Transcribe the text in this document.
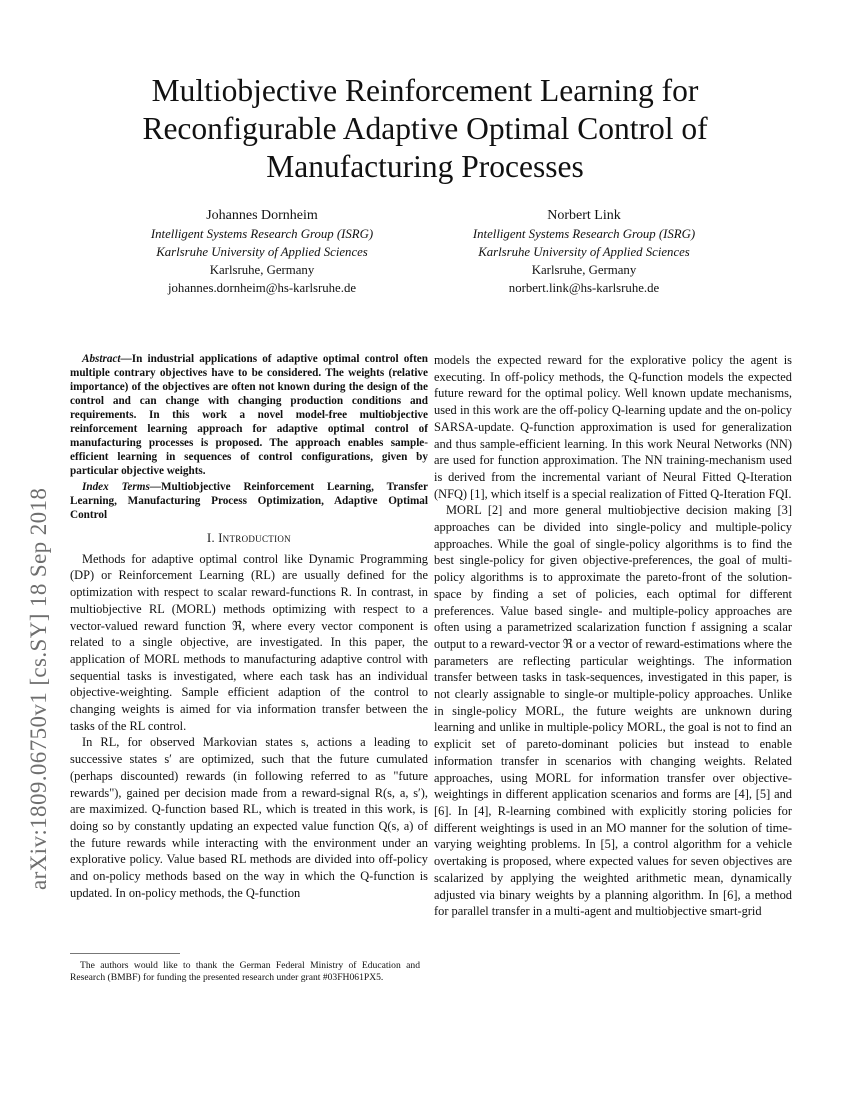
arXiv:1809.06750v1 [cs.SY] 18 Sep 2018
Multiobjective Reinforcement Learning for
Reconfigurable Adaptive Optimal Control of
Manufacturing Processes
Johannes Dornheim
Intelligent Systems Research Group (ISRG)
Karlsruhe University of Applied Sciences
Karlsruhe, Germany
johannes.dornheim@hs-karlsruhe.de
Norbert Link
Intelligent Systems Research Group (ISRG)
Karlsruhe University of Applied Sciences
Karlsruhe, Germany
norbert.link@hs-karlsruhe.de

Abstract—In industrial applications of adaptive optimal control often multiple contrary objectives have to be considered. The weights (relative importance) of the objectives are often not known during the design of the control and can change with changing production conditions and requirements. In this work a novel model-free multiobjective reinforcement learning approach for adaptive optimal control of manufacturing processes is proposed. The approach enables sample-efficient learning in sequences of control configurations, given by particular objective weights.

Index Terms—Multiobjective Reinforcement Learning, Transfer Learning, Manufacturing Process Optimization, Adaptive Optimal Control

I. Introduction

Methods for adaptive optimal control like Dynamic Programming (DP) or Reinforcement Learning (RL) are usually defined for the optimization with respect to scalar reward-functions R. In contrast, in multiobjective RL (MORL) methods optimizing with respect to a vector-valued reward function ℜ, where every vector component is related to a single objective, are investigated. In this paper, the application of MORL methods to manufacturing adaptive control with sequential tasks is investigated, where each task has an individual objective-weighting. Sample efficient adaption of the control to changing weights is aimed for via information transfer between the tasks of the RL control.

In RL, for observed Markovian states s, actions a leading to successive states s′ are optimized, such that the future cumulated (perhaps discounted) rewards (in following referred to as "future rewards"), gained per decision made from a reward-signal R(s, a, s′), are maximized. Q-function based RL, which is treated in this work, is doing so by constantly updating an expected value function Q(s, a) of the future rewards while interacting with the environment under an explorative policy. Value based RL methods are divided into off-policy and on-policy methods based on the way in which the Q-function is updated. In on-policy methods, the Q-function

The authors would like to thank the German Federal Ministry of Education and Research (BMBF) for funding the presented research under grant #03FH061PX5.

models the expected reward for the explorative policy the agent is executing. In off-policy methods, the Q-function models the expected future reward for the optimal policy. Well known update mechanisms, used in this work are the off-policy Q-learning update and the on-policy SARSA-update. Q-function approximation is used for generalization and thus sample-efficient learning. In this work Neural Networks (NN) are used for function approximation. The NN training-mechanism used is derived from the incremental variant of Neural Fitted Q-Iteration (NFQ) [1], which itself is a special realization of Fitted Q-Iteration FQI.

MORL [2] and more general multiobjective decision making [3] approaches can be divided into single-policy and multiple-policy approaches. While the goal of single-policy algorithms is to find the best single-policy for given objective-preferences, the goal of multi-policy algorithms is to approximate the pareto-front of the solution-space by finding a set of policies, each optimal for different preferences. Value based single- and multiple-policy approaches are often using a parametrized scalarization function f assigning a scalar output to a reward-vector ℜ or a vector of reward-estimations where the parameters are reflecting particular weightings. The information transfer between tasks in task-sequences, investigated in this paper, is not clearly assignable to single-or multiple-policy approaches. Unlike in single-policy MORL, the future weights are unknown during learning and unlike in multiple-policy MORL, the goal is not to find an explicit set of pareto-dominant policies but instead to enable information transfer in scenarios with changing weights. Related approaches, using MORL for information transfer over objective-weightings in different application scenarios and forms are [4], [5] and [6]. In [4], R-learning combined with explicitly storing policies for different weightings is used in an MO manner for the solution of time-varying weighting problems. In [5], a control algorithm for a vehicle overtaking is proposed, where expected values for seven objectives are scalarized by applying the weighted arithmetic mean, dynamically adjusted via binary weights by a planning algorithm. In [6], a method for parallel transfer in a multi-agent and multiobjective smart-grid
